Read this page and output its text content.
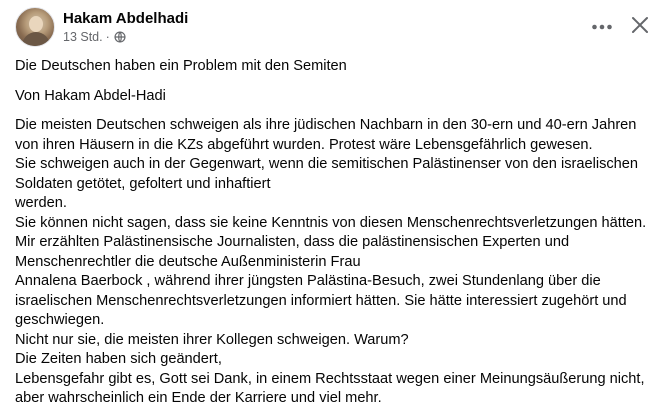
Hakam Abdelhadi
13 Std. ·

Die Deutschen haben ein Problem mit den Semiten

Von Hakam Abdel-Hadi

Die meisten Deutschen schweigen als ihre jüdischen Nachbarn in den 30-ern und 40-ern Jahren

von ihren Häusern in die KZs abgeführt wurden. Protest wäre Lebensgefährlich gewesen.

Sie schweigen auch in der Gegenwart, wenn die semitischen Palästinenser von den israelischen

Soldaten getötet, gefoltert und inhaftiert

werden.

Sie können nicht sagen, dass sie keine Kenntnis von diesen Menschenrechtsverletzungen hätten.

Mir erzählten Palästinensische Journalisten, dass die palästinensischen Experten und

Menschenrechtler die deutsche Außenministerin Frau

Annalena Baerbock , während ihrer jüngsten Palästina-Besuch, zwei Stundenlang über die

israelischen Menschenrechtsverletzungen informiert hätten. Sie hätte interessiert zugehört und

geschwiegen.

Nicht nur sie, die meisten ihrer Kollegen schweigen. Warum?

Die Zeiten haben sich geändert,

Lebensgefahr gibt es, Gott sei Dank, in einem Rechtsstaat wegen einer Meinungsäußerung nicht,

aber wahrscheinlich ein Ende der Karriere und viel mehr.
